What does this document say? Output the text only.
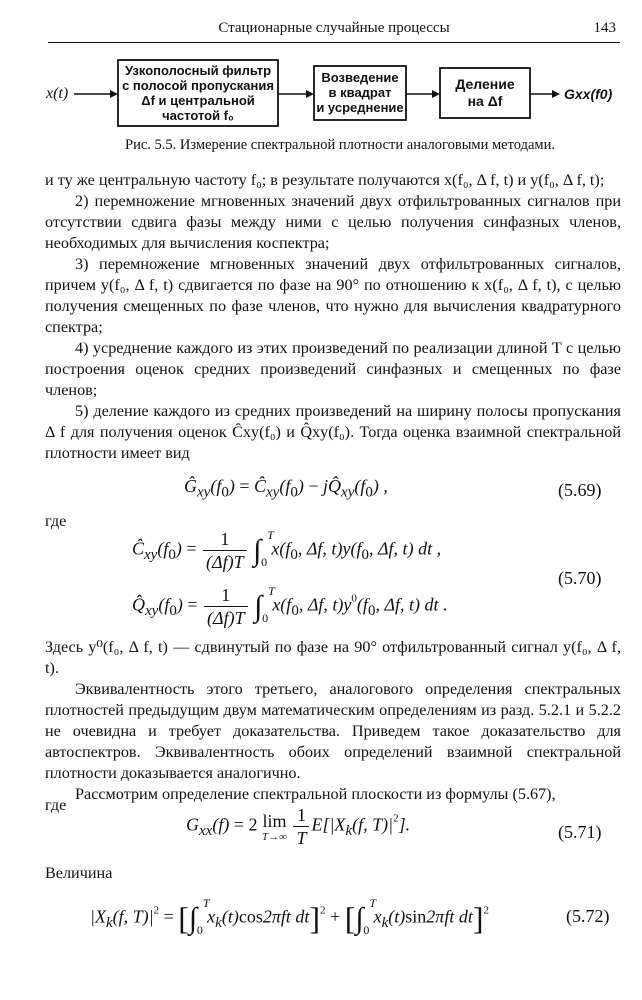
Стационарные случайные процессы	143
x(t)
Узкополосный фильтр
с полосой пропускания
Δf и центральной
частотой f₀
Возведение
в квадрат
и усреднение
Деление
на Δf	Gxx(f0)
Рис. 5.5. Измерение спектральной плотности аналоговыми методами.

и ту же центральную частоту f₀; в результате получаются x(f₀, Δ f, t) и y(f₀, Δ f, t);

2) перемножение мгновенных значений двух отфильтрованных сигналов при отсутствии сдвига фазы между ними с целью получения синфазных членов, необходимых для вычисления коспектра;

3) перемножение мгновенных значений двух отфильтрованных сигналов, причем y(f₀, Δ f, t) сдвигается по фазе на 90° по отношению к x(f₀, Δ f, t), с целью получения смещенных по фазе членов, что нужно для вычисления квадратурного спектра;

4) усреднение каждого из этих произведений по реализации длиной T с целью построения оценок средних произведений синфазных и смещенных по фазе членов;

5) деление каждого из средних произведений на ширину полосы пропускания Δ f для получения оценок Ĉxy(f₀) и Q̂xy(f₀). Тогда оценка взаимной спектральной плотности имеет вид

$Ĝ_{xy}(f_0)$ = $Ĉ_{xy}(f_0)$ − $jQ̂_{xy}(f_0)$ ,	(5.69)
где
$Ĉ_{xy}(f_0) = \frac{1}{(\Delta f)T}$ ∫ T
0
$x(f_0$, Δf, $t)y(f_0$, Δf, t) dt ,
$Q̂_{xy}(f_0) = \frac{1}{(\Delta f)T}$ ∫ T
0
$x(f_0$, Δf, $t)y^0(f_0$, Δf, t) dt .
(5.70)

Здесь y⁰(f₀, Δ f, t) — сдвинутый по фазе на 90° отфильтрованный сигнал y(f₀, Δ f, t).

Эквивалентность этого третьего, аналогового определения спектральных плотностей предыдущим двум математическим определениям из разд. 5.2.1 и 5.2.2 не очевидна и требует доказательства. Приведем такое доказательство для автоспектров. Эквивалентность обоих определений взаимной спектральной плотности доказывается аналогично.

Рассмотрим определение спектральной плоскости из формулы (5.67),

где
$G_{xx}(f) = 2$ lim
T→∞
$\frac{1}{T} E[|X_k(f$, $T)|^2$].	(5.71)
Величина
$|X_k(f$, $T)|^2$ = [∫ T
0
$x_k(t)\cos 2\pi ft$ dt]$^2$ + [∫ T
0
$x_k(t)\sin 2\pi ft$ dt]$^2$	(5.72)
